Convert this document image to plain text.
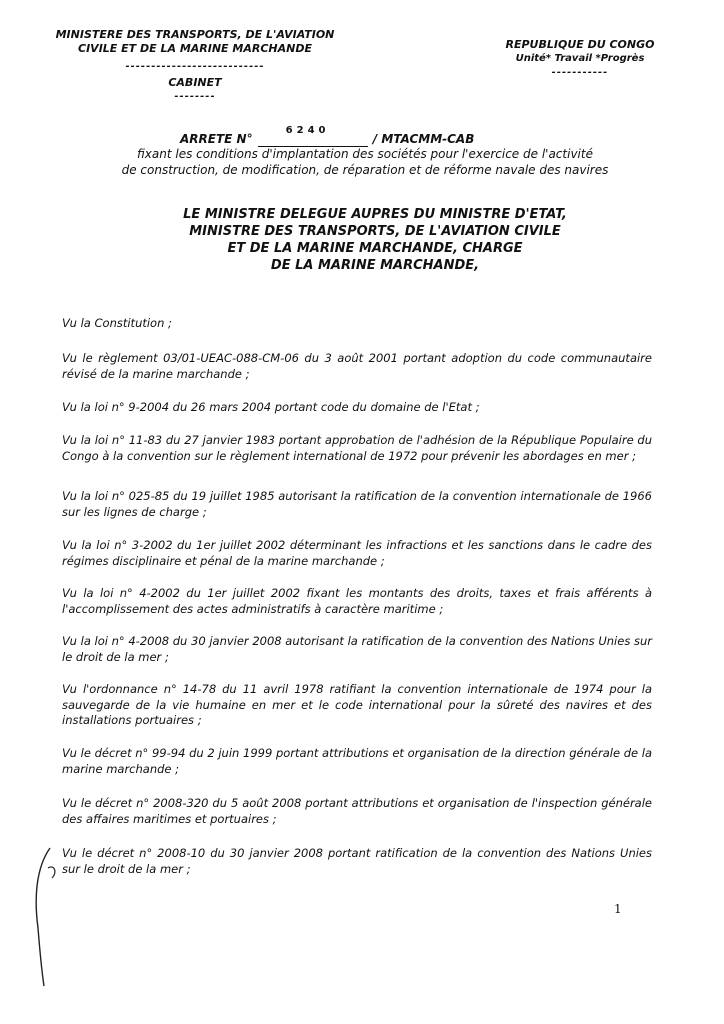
MINISTERE DES TRANSPORTS, DE L'AVIATION
CIVILE ET DE LA MARINE MARCHANDE
---------------------------
CABINET
--------
REPUBLIQUE DU CONGO
Unité* Travail *Progrès
-----------
ARRETE N°
6240
/ MTACMM-CAB
fixant les conditions d'implantation des sociétés pour l'exercice de l'activité
de construction, de modification, de réparation et de réforme navale des navires
LE MINISTRE DELEGUE AUPRES DU MINISTRE D'ETAT,
MINISTRE DES TRANSPORTS, DE L'AVIATION CIVILE
ET DE LA MARINE MARCHANDE, CHARGE
DE LA MARINE MARCHANDE,
Vu la Constitution ;
Vu le règlement 03/01-UEAC-088-CM-06 du 3 août 2001 portant adoption du code communautaire révisé de la marine marchande ;
Vu la loi n° 9-2004 du 26 mars 2004 portant code du domaine de l'Etat ;
Vu la loi n° 11-83 du 27 janvier 1983 portant approbation de l'adhésion de la République Populaire du Congo à la convention sur le règlement international de 1972 pour prévenir les abordages en mer ;
Vu la loi n° 025-85 du 19 juillet 1985 autorisant la ratification de la convention internationale de 1966 sur les lignes de charge ;
Vu la loi n° 3-2002 du 1er juillet 2002 déterminant les infractions et les sanctions dans le cadre des régimes disciplinaire et pénal de la marine marchande ;
Vu la loi n° 4-2002 du 1er juillet 2002 fixant les montants des droits, taxes et frais afférents à l'accomplissement des actes administratifs à caractère maritime ;
Vu la loi n° 4-2008 du 30 janvier 2008 autorisant la ratification de la convention des Nations Unies sur le droit de la mer ;
Vu l'ordonnance n° 14-78 du 11 avril 1978 ratifiant la convention internationale de 1974 pour la sauvegarde de la vie humaine en mer et le code international pour la sûreté des navires et des installations portuaires ;
Vu le décret n° 99-94 du 2 juin 1999 portant attributions et organisation de la direction générale de la marine marchande ;
Vu le décret n° 2008-320 du 5 août 2008 portant attributions et organisation de l'inspection générale des affaires maritimes et portuaires ;
Vu le décret n° 2008-10 du 30 janvier 2008 portant ratification de la convention des Nations Unies sur le droit de la mer ;
1
